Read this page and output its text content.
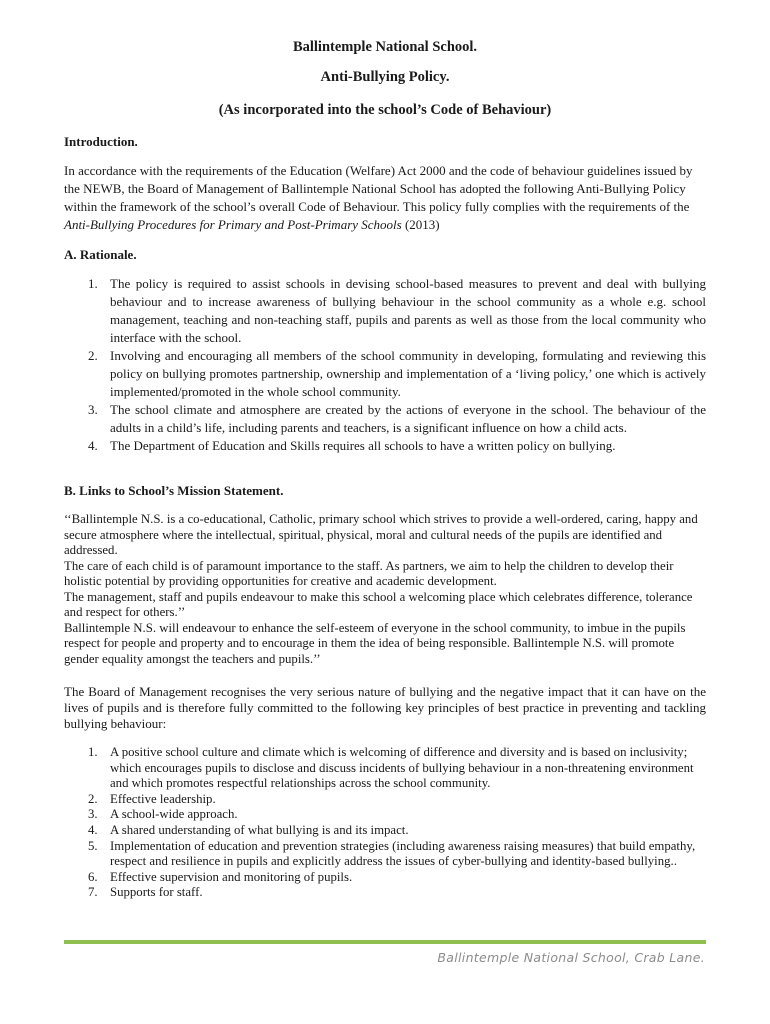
Ballintemple National School.
Anti-Bullying Policy.
(As incorporated into the school’s Code of Behaviour)
Introduction.

In accordance with the requirements of the Education (Welfare) Act 2000 and the code of behaviour guidelines issued by the NEWB, the Board of Management of Ballintemple National School has adopted the following Anti-Bullying Policy within the framework of the school’s overall Code of Behaviour. This policy fully complies with the requirements of the Anti-Bullying Procedures for Primary and Post-Primary Schools (2013)

A. Rationale.
1. The policy is required to assist schools in devising school-based measures to prevent and deal with bullying behaviour and to increase awareness of bullying behaviour in the school community as a whole e.g. school management, teaching and non-teaching staff, pupils and parents as well as those from the local community who interface with the school.
2. Involving and encouraging all members of the school community in developing, formulating and reviewing this policy on bullying promotes partnership, ownership and implementation of a ‘living policy,’ one which is actively implemented/promoted in the whole school community.
3. The school climate and atmosphere are created by the actions of everyone in the school. The behaviour of the adults in a child’s life, including parents and teachers, is a significant influence on how a child acts.
4. The Department of Education and Skills requires all schools to have a written policy on bullying.
B. Links to School’s Mission Statement.

‘‘Ballintemple N.S. is a co-educational, Catholic, primary school which strives to provide a well-ordered, caring, happy and secure atmosphere where the intellectual, spiritual, physical, moral and cultural needs of the pupils are identified and addressed.

The care of each child is of paramount importance to the staff. As partners, we aim to help the children to develop their holistic potential by providing opportunities for creative and academic development.

The management, staff and pupils endeavour to make this school a welcoming place which celebrates difference, tolerance and respect for others.’’

Ballintemple N.S. will endeavour to enhance the self-esteem of everyone in the school community, to imbue in the pupils respect for people and property and to encourage in them the idea of being responsible. Ballintemple N.S. will promote gender equality amongst the teachers and pupils.’’

The Board of Management recognises the very serious nature of bullying and the negative impact that it can have on the lives of pupils and is therefore fully committed to the following key principles of best practice in preventing and tackling bullying behaviour:

1. A positive school culture and climate which is welcoming of difference and diversity and is based on inclusivity; which encourages pupils to disclose and discuss incidents of bullying behaviour in a non-threatening environment and which promotes respectful relationships across the school community.
2. Effective leadership.
3. A school-wide approach.
4. A shared understanding of what bullying is and its impact.
5. Implementation of education and prevention strategies (including awareness raising measures) that build empathy, respect and resilience in pupils and explicitly address the issues of cyber-bullying and identity-based bullying..
6. Effective supervision and monitoring of pupils.
7. Supports for staff.
Ballintemple National School, Crab Lane.
